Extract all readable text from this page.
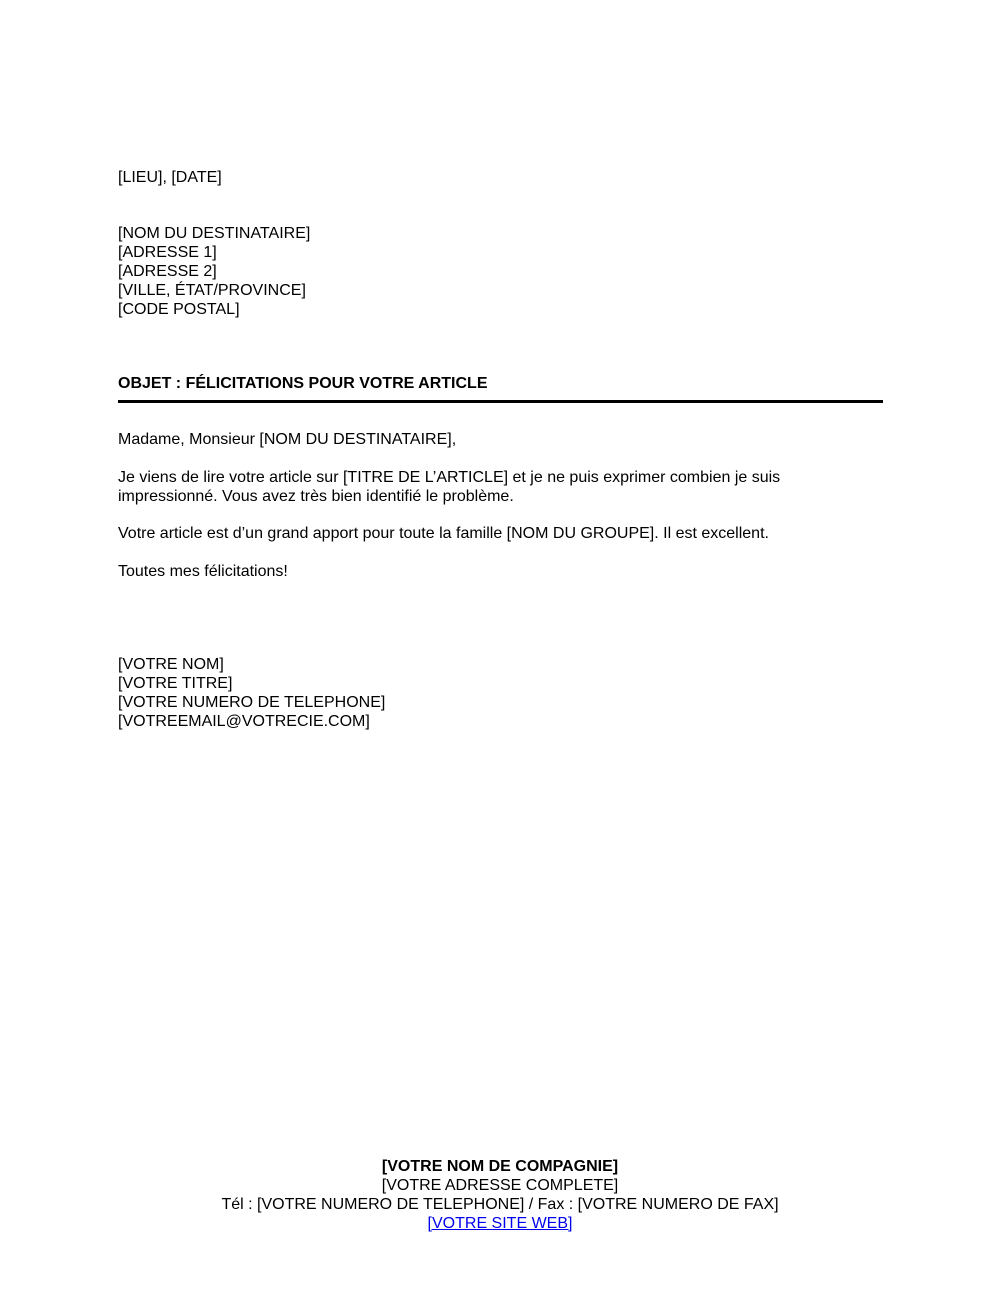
[LIEU], [DATE]
[NOM DU DESTINATAIRE]
[ADRESSE 1]
[ADRESSE 2]
[VILLE, ÉTAT/PROVINCE]
[CODE POSTAL]
OBJET : FÉLICITATIONS POUR VOTRE ARTICLE
Madame, Monsieur [NOM DU DESTINATAIRE],
Je viens de lire votre article sur [TITRE DE L’ARTICLE] et je ne puis exprimer combien je suis
impressionné. Vous avez très bien identifié le problème.
Votre article est d’un grand apport pour toute la famille [NOM DU GROUPE]. Il est excellent.
Toutes mes félicitations!
[VOTRE NOM]
[VOTRE TITRE]
[VOTRE NUMERO DE TELEPHONE]
[VOTREEMAIL@VOTRECIE.COM]
[VOTRE NOM DE COMPAGNIE]
[VOTRE ADRESSE COMPLETE]
Tél : [VOTRE NUMERO DE TELEPHONE] / Fax : [VOTRE NUMERO DE FAX]
[VOTRE SITE WEB]
